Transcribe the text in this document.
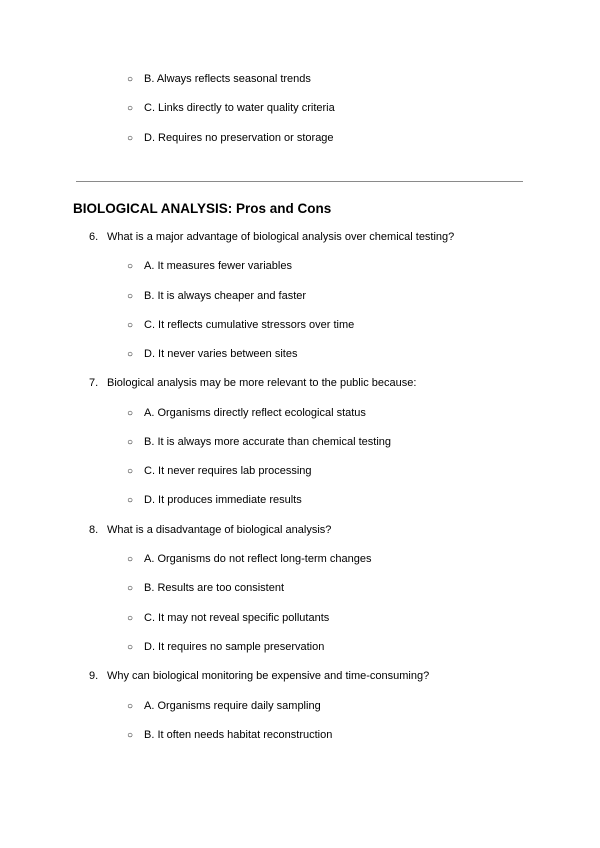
○ B. Always reflects seasonal trends
○ C. Links directly to water quality criteria
○ D. Requires no preservation or storage
BIOLOGICAL ANALYSIS: Pros and Cons
6. What is a major advantage of biological analysis over chemical testing?
○ A. It measures fewer variables
○ B. It is always cheaper and faster
○ C. It reflects cumulative stressors over time
○ D. It never varies between sites
7. Biological analysis may be more relevant to the public because:
○ A. Organisms directly reflect ecological status
○ B. It is always more accurate than chemical testing
○ C. It never requires lab processing
○ D. It produces immediate results
8. What is a disadvantage of biological analysis?
○ A. Organisms do not reflect long-term changes
○ B. Results are too consistent
○ C. It may not reveal specific pollutants
○ D. It requires no sample preservation
9. Why can biological monitoring be expensive and time-consuming?
○ A. Organisms require daily sampling
○ B. It often needs habitat reconstruction
